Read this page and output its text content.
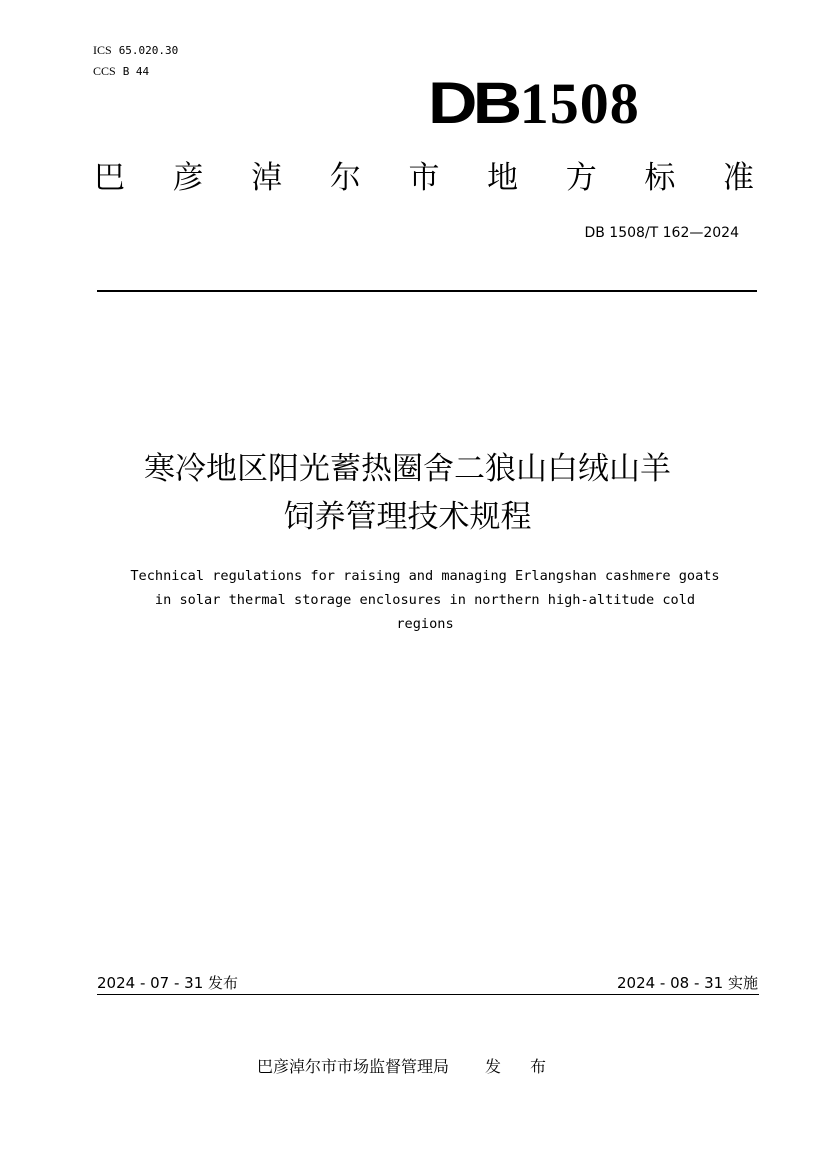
ICS 65.020.30
CCS B 44	DB1508
巴 彦 淖 尔 市 地 方 标 准
DB 1508/T 162—2024
寒冷地区阳光蓄热圈舍二狼山白绒山羊
饲养管理技术规程
Technical regulations for raising and managing Erlangshan cashmere goats
in solar thermal storage enclosures in northern high-altitude cold
regions
2024 - 07 - 31 发布	2024 - 08 - 31 实施
巴彦淖尔市市场监督管理局 发 布
